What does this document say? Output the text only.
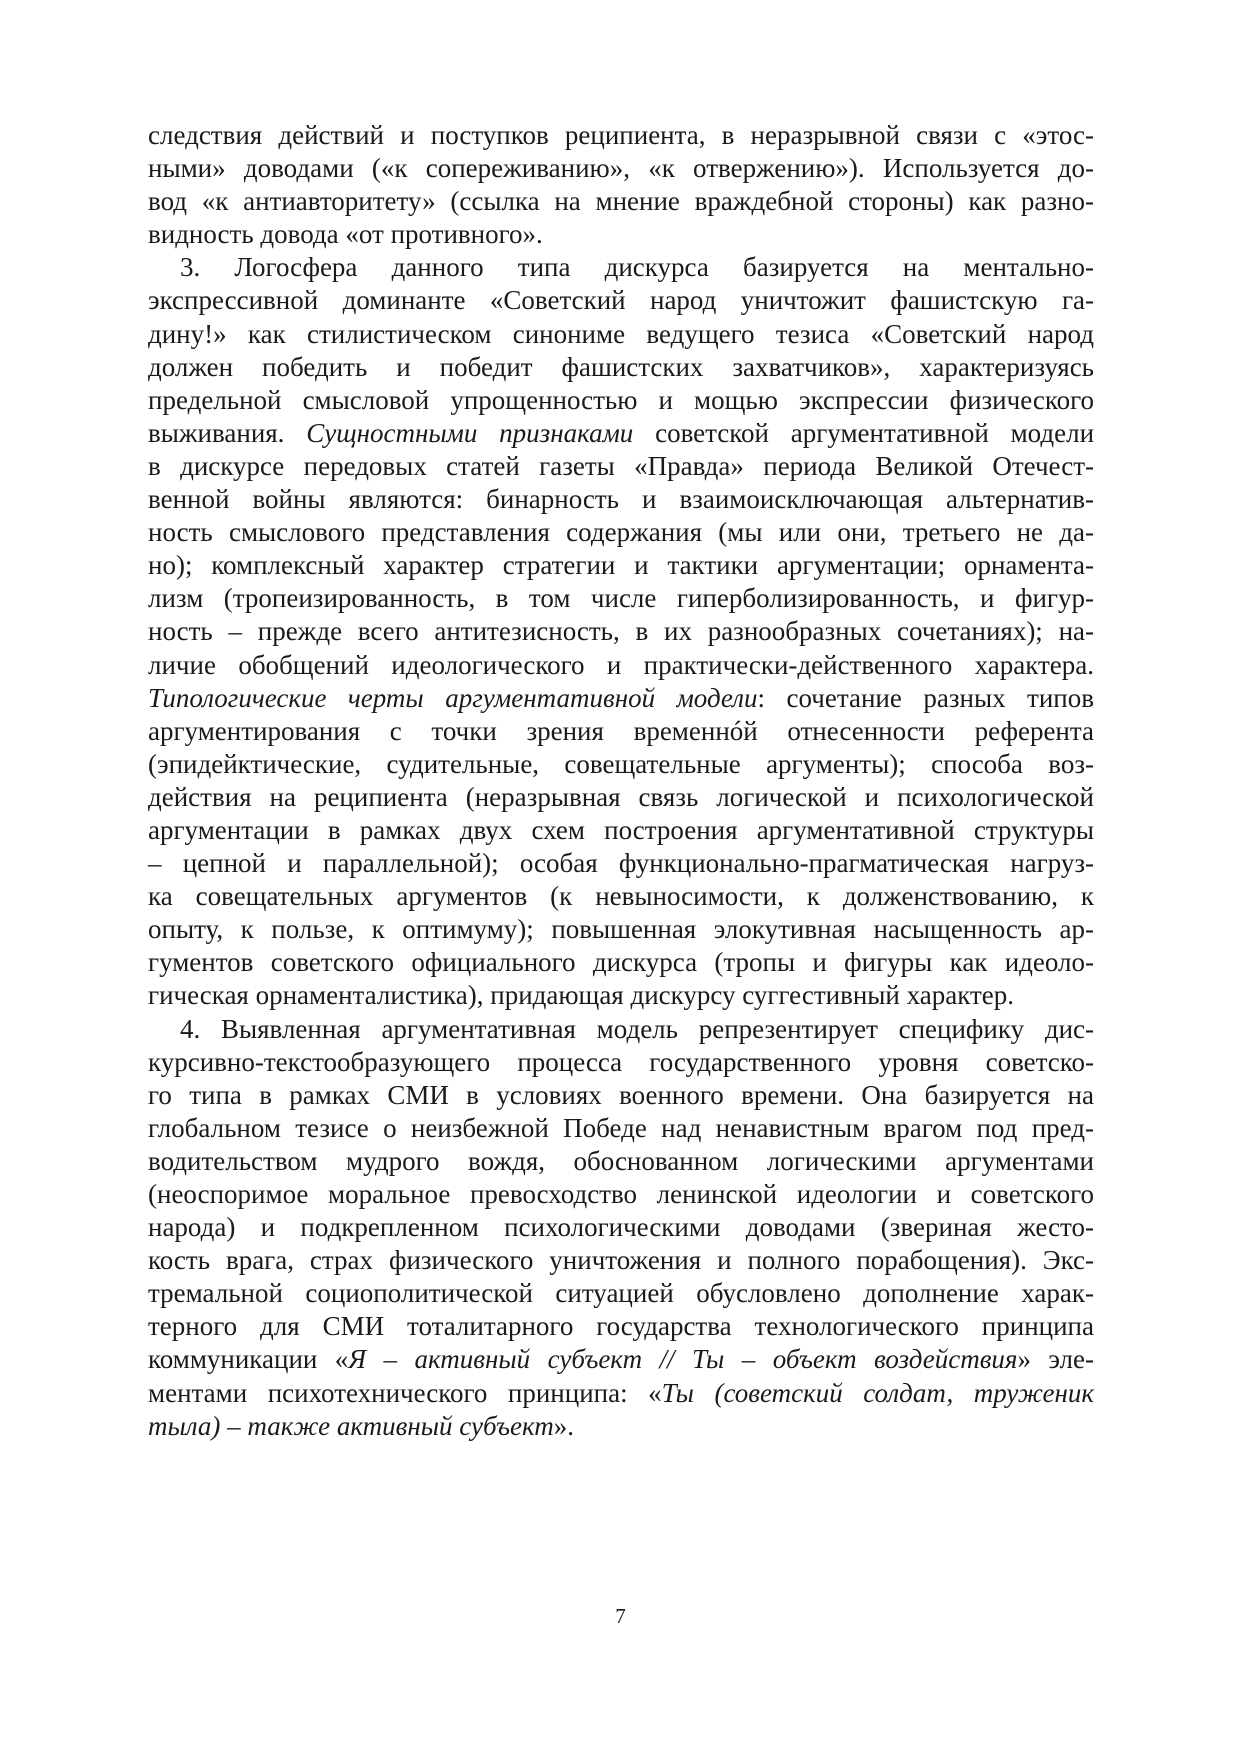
следствия действий и поступков реципиента, в неразрывной связи с «этос-
ными» доводами («к сопереживанию», «к отвержению»). Используется до-
вод «к антиавторитету» (ссылка на мнение враждебной стороны) как разно-
видность довода «от противного».
3. Логосфера данного типа дискурса базируется на ментально-
экспрессивной доминанте «Советский народ уничтожит фашистскую га-
дину!» как стилистическом синониме ведущего тезиса «Советский народ
должен победить и победит фашистских захватчиков», характеризуясь
предельной смысловой упрощенностью и мощью экспрессии физического
выживания. Сущностными признаками советской аргументативной модели
в дискурсе передовых статей газеты «Правда» периода Великой Отечест-
венной войны являются: бинарность и взаимоисключающая альтернатив-
ность смыслового представления содержания (мы или они, третьего не да-
но); комплексный характер стратегии и тактики аргументации; орнамента-
лизм (тропеизированность, в том числе гиперболизированность, и фигур-
ность – прежде всего антитезисность, в их разнообразных сочетаниях); на-
личие обобщений идеологического и практически-действенного характера.
Типологические черты аргументативной модели: сочетание разных типов
аргументирования с точки зрения временнóй отнесенности референта
(эпидейктические, судительные, совещательные аргументы); способа воз-
действия на реципиента (неразрывная связь логической и психологической
аргументации в рамках двух схем построения аргументативной структуры
– цепной и параллельной); особая функционально-прагматическая нагруз-
ка совещательных аргументов (к невыносимости, к долженствованию, к
опыту, к пользе, к оптимуму); повышенная элокутивная насыщенность ар-
гументов советского официального дискурса (тропы и фигуры как идеоло-
гическая орнаменталистика), придающая дискурсу суггестивный характер.
4. Выявленная аргументативная модель репрезентирует специфику дис-
курсивно-текстообразующего процесса государственного уровня советско-
го типа в рамках СМИ в условиях военного времени. Она базируется на
глобальном тезисе о неизбежной Победе над ненавистным врагом под пред-
водительством мудрого вождя, обоснованном логическими аргументами
(неоспоримое моральное превосходство ленинской идеологии и советского
народа) и подкрепленном психологическими доводами (звериная жесто-
кость врага, страх физического уничтожения и полного порабощения). Экс-
тремальной социополитической ситуацией обусловлено дополнение харак-
терного для СМИ тоталитарного государства технологического принципа
коммуникации «Я – активный субъект // Ты – объект воздействия» эле-
ментами психотехнического принципа: «Ты (советский солдат, труженик
тыла) – также активный субъект».
7
